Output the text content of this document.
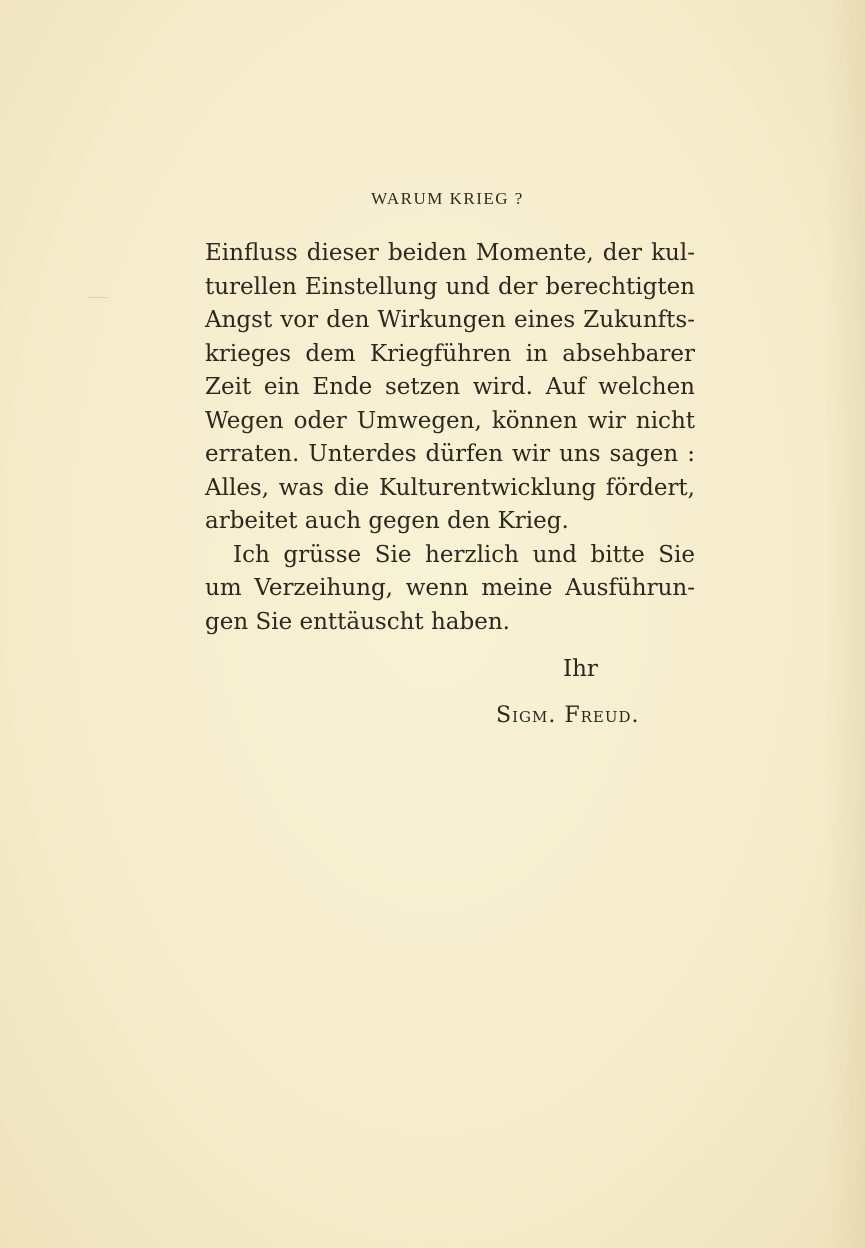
WARUM KRIEG ?
Einfluss dieser beiden Momente, der kul-
turellen Einstellung und der berechtigten
Angst vor den Wirkungen eines Zukunfts-
krieges dem Kriegführen in absehbarer
Zeit ein Ende setzen wird. Auf welchen
Wegen oder Umwegen, können wir nicht
erraten. Unterdes dürfen wir uns sagen :
Alles, was die Kulturentwicklung fördert,
arbeitet auch gegen den Krieg.
Ich grüsse Sie herzlich und bitte Sie
um Verzeihung, wenn meine Ausführun-
gen Sie enttäuscht haben.
Ihr
Sigm. Freud.
